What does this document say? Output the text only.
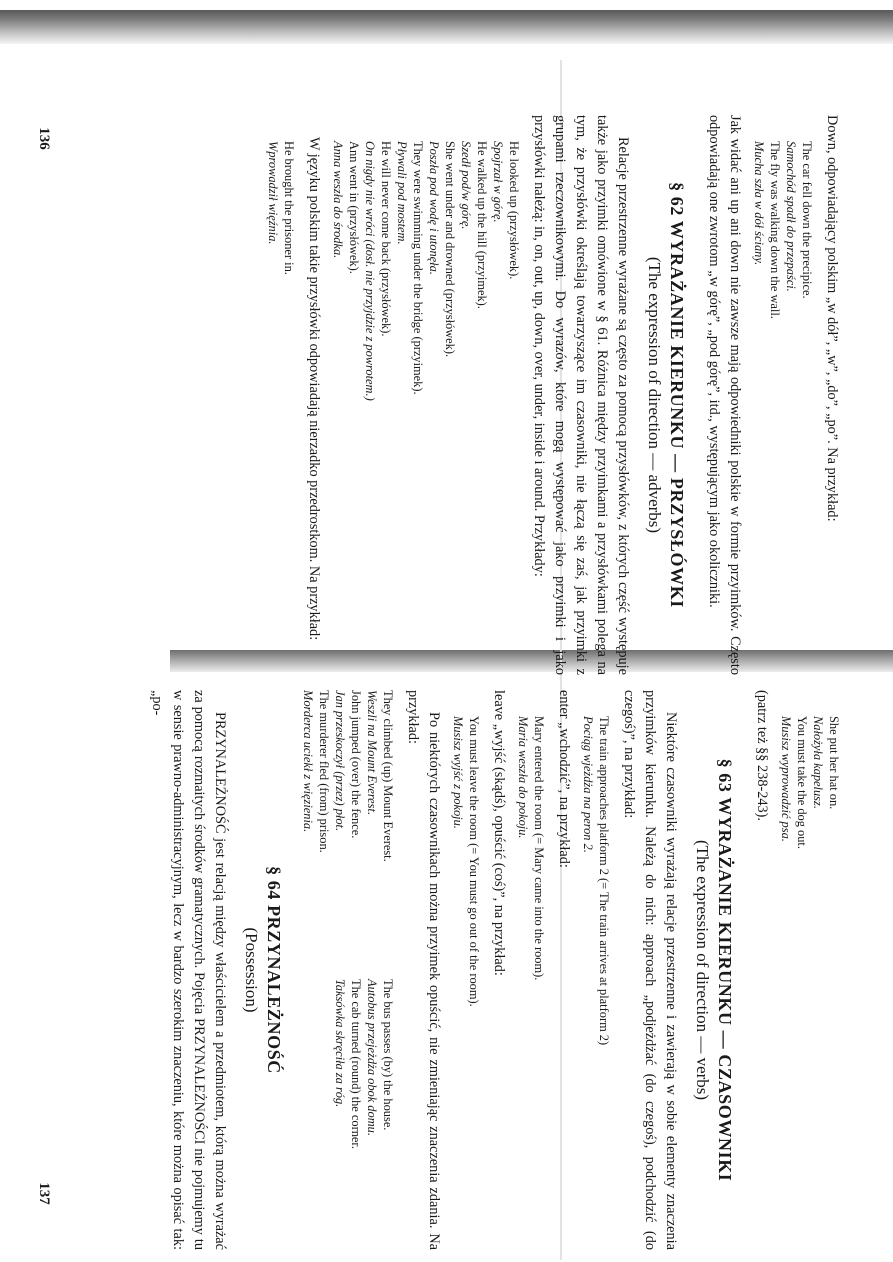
136
137

Down, odpowiadający polskim „w dół”, „w”, „do”, „po”. Na przykład:

The car fell down the precipice.

Samochód spadł do przepaści.

The fly was walking down the wall.

Mucha szła w dół ściany.

Jak widać ani up ani down nie zawsze mają odpowiedniki polskie w formie przyimków. Często odpowiadają one zwrotom „w górę”, „pod górę”, itd., występującym jako okoliczniki.

§ 62 WYRAŻANIE KIERUNKU — PRZYSŁÓWKI
(The expression of direction — adverbs)

Relacje przestrzenne wyrażane są często za pomocą przysłówków, z których część występuje także jako przyimki omówione w § 61. Różnica między przyimkami a przysłówkami polega na tym, że przysłówki określają towarzyszące im czasowniki, nie łączą się zaś, jak przyimki z grupami rzeczownikowymi. Do wyrazów, które mogą występować jako przyimki i jako przysłówki należą: in, on, out, up, down, over, under, inside i around. Przykłady:

He looked up (przysłówek).

Spojrzał w górę.

He walked up the hill (przyimek).

Szedł pod/w górę.

She went under and drowned (przysłówek).

Poszła pod wodę i utonęła.

They were swimming under the bridge (przyimek).

Pływali pod mostem.

He will never come back (przysłówek).

On nigdy nie wróci (dosł. nie przyjdzie z powrotem.)

Ann went in (przysłówek).

Anna weszła do środka.

W języku polskim takie przysłówki odpowiadają nierzadko przedrostkom. Na przykład:

He brought the prisoner in.

Wprowadził więźnia.

She put her hat on.

Nałożyła kapelusz.

You must take the dog out.

Musisz wyprowadzić psa.

(patrz też §§ 238-243).

§ 63 WYRAŻANIE KIERUNKU — CZASOWNIKI
(The expression of direction — verbs)

Niektóre czasowniki wyrażają relacje przestrzenne i zawierają w sobie elementy znaczenia przyimków kierunku. Należą do nich: approach „podjeżdżać (do czegoś), podchodzić (do czegoś)”, na przykład:

The train approaches platform 2 (= The train arrives at platform 2)

Pociąg wjeżdża na peron 2.

enter „wchodzić”, na przykład:

Mary entered the room (= Mary came into the room).

Maria weszła do pokoju.

leave „wyjść (skądś), opuścić (coś)”, na przykład:

You must leave the room (= You must go out of the room).

Musisz wyjść z pokoju.

Po niektórych czasownikach można przyimek opuścić, nie zmieniając znaczenia zdania. Na przykład:

They climbed (up) Mount Everest.

Weszli na Mount Everest.

John jumped (over) the fence.

Jan przeskoczył (przez) płot.

The murderer fled (from) prison.

Morderca uciekł z więzienia.

The bus passes (by) the house.

Autobus przejeżdża obok domu.

The cab turned (round) the corner.

Taksówka skręciła za róg.

§ 64 PRZYNALEŻNOŚĆ
(Possession)

PRZYNALEŻNOŚĆ jest relacją między właścicielem a przedmiotem, którą można wyrażać za pomocą rozmaitych środków gramatycznych. Pojęcia PRZYNALEŻNOŚCI nie pojmujemy tu w sensie prawno-administracyjnym, lecz w bardzo szerokim znaczeniu, które można opisać tak: „po-
